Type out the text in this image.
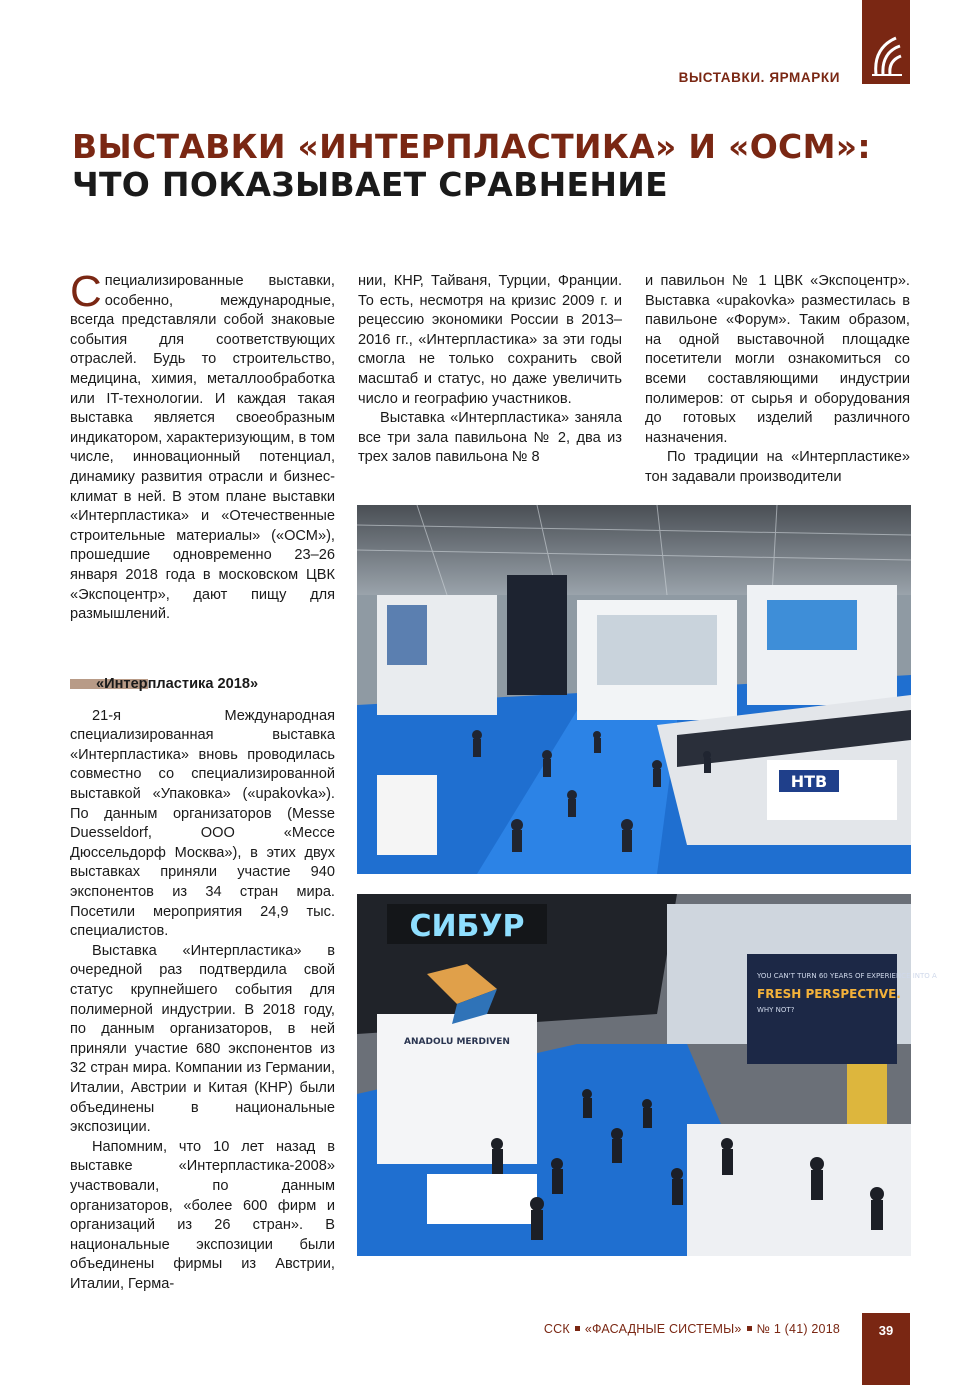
ВЫСТАВКИ. ЯРМАРКИ
ВЫСТАВКИ «ИНТЕРПЛАСТИКА» И «ОСМ»:
ЧТО ПОКАЗЫВАЕТ СРАВНЕНИЕ

Специализированные выставки, особенно, международные, всегда представляли собой знаковые события для соответствующих отраслей. Будь то строительство, медицина, химия, металлообработка или IT-технологии. И каждая такая выставка является своеобразным индикатором, характеризующим, в том числе, инновационный потенциал, динамику развития отрасли и бизнес-климат в ней. В этом плане выставки «Интерпластика» и «Отечественные строительные материалы» («ОСМ»), прошедшие одновременно 23–26 января 2018 года в московском ЦВК «Экспоцентр», дают пищу для размышлений.

«Интерпластика 2018»

21-я Международная специализированная выставка «Интерпластика» вновь проводилась совместно со специализированной выставкой «Упаковка» («upakovka»). По данным организаторов (Messe Duesseldorf, ООО «Мессе Дюссельдорф Москва»), в этих двух выставках приняли участие 940 экспонентов из 34 стран мира. Посетили мероприятия 24,9 тыс. специалистов.

Выставка «Интерпластика» в очередной раз подтвердила свой статус крупнейшего события для полимерной индустрии. В 2018 году, по данным организаторов, в ней приняли участие 680 экспонентов из 32 стран мира. Компании из Германии, Италии, Австрии и Китая (КНР) были объединены в национальные экспозиции.

Напомним, что 10 лет назад в выставке «Интерпластика-2008» участвовали, по данным организаторов, «более 600 фирм и организаций из 26 стран». В национальные экспозиции были объединены фирмы из Австрии, Италии, Герма-

нии, КНР, Тайваня, Турции, Франции. То есть, несмотря на кризис 2009 г. и рецессию экономики России в 2013–2016 гг., «Интерпластика» за эти годы смогла не только сохранить свой масштаб и статус, но даже увеличить число и географию участников.

Выставка «Интерпластика» заняла все три зала павильона № 2, два из трех залов павильона № 8

и павильон № 1 ЦВК «Экспоцентр». Выставка «upakovka» разместилась в павильоне «Форум». Таким образом, на одной выставочной площадке посетители могли ознакомиться со всеми составляющими индустрии полимеров: от сырья и оборудования до готовых изделий различного назначения.

По традиции на «Интерпластике» тон задавали производители

НТВ
СИБУР
ANADOLU MERDIVEN
YOU CAN'T TURN 60 YEARS OF EXPERIENCE INTO A
FRESH PERSPECTIVE.
WHY NOT?
ССК «ФАСАДНЫЕ СИСТЕМЫ» № 1 (41) 2018	39
